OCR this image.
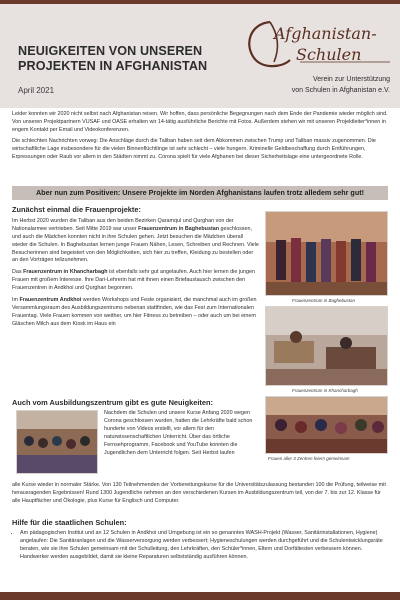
NEUIGKEITEN VON UNSEREN
PROJEKTEN IN AFGHANISTAN
April 2021
Afghanistan-
Schulen
Verein zur Unterstützung
von Schulen in Afghanistan e.V.

Leider konnten wir 2020 nicht selbst nach Afghanistan reisen. Wir hoffen, dass persönliche Begegnungen nach dem Ende der Pandemie wieder möglich sind. Von unseren Projektpartnern VUSAF und OASE erhalten wir 14-tätig ausführliche Berichte mit Fotos. Außerdem stehen wir mit unseren Projektleiter*innen in engem Kontakt per Email und Videokonferenzen.

Die schlechten Nachrichten vorweg: Die Anschläge durch die Taliban haben seit dem Abkommen zwischen Trump und Taliban massiv zugenommen. Die wirtschaftliche Lage insbesondere für die vielen Binnenflüchtlinge ist sehr schlecht – viele hungern. Kriminelle Geldbeschaffung durch Entführungen, Erpressungen oder Raub vor allem in den Städten nimmt zu. Corona spielt für viele Afghanen bei dieser Sicherheitslage eine untergeordnete Rolle.

Aber nun zum Positiven: Unsere Projekte im Norden Afghanistans laufen trotz alledem sehr gut!
Zunächst einmal die Frauenprojekte:

Im Herbst 2020 wurden die Taliban aus den beiden Bezirken Qaramqul und Qurghan von der Nationalarmee vertrieben. Seit Mitte 2019 war unser Frauenzentrum in Baghebustan geschlossen, und auch die Mädchen konnten nicht in ihre Schulen gehen. Jetzt besuchen die Mädchen überall wieder die Schulen. In Baghebustan lernen junge Frauen Nähen, Lesen, Schreiben und Rechnen. Viele Besucherinnen sind begeistert von den Möglichkeiten, sich hier zu treffen, Kleidung zu bestellen oder an den Vorträgen teilzunehmen.

Das Frauenzentrum in Khancharbagh ist ebenfalls sehr gut angelaufen. Auch hier lernen die jungen Frauen mit großem Interesse. Ihre Dari-Lehrerin hat mit ihnen einen Briefaustausch zwischen den Frauenzentren in Andkhoi und Qurghan begonnen.

Im Frauenzentrum Andkhoi werden Workshops und Feste organisiert, die manchmal auch im großen Versammlungsraum des Ausbildungszentrums nebenan stattfinden, wie das Fest zum Internationalen Frauentag. Viele Frauen kommen von weither, um hier Fitness zu betreiben – oder auch um bei einem Gläschen Milch aus dem Kiosk im Haus ein

Frauenzentrum in Baghebustan
Frauenzentrum in Khancharbagh
Frauen aller 3 Zentren feiern gemeinsam
Auch vom Ausbildungszentrum gibt es gute Neuigkeiten:
Nachdem die Schulen und unsere Kurse Anfang 2020 wegen Corona geschlossen wurden, hatten die Lehrkräfte bald schon hunderte von Videos erstellt, vor allem für den naturwissenschaftlichen Unterricht. Über das örtliche Fernsehprogramm, Facebook und YouTube konnten die Jugendlichen dem Unterricht folgen. Seit Herbst laufen
alle Kurse wieder in normaler Stärke. Von 130 Teilnehmenden der Vorbereitungskurse für die Universitätszulassung bestanden 100 die Prüfung, teilweise mit herausragenden Ergebnissen! Rund 1300 Jugendliche nehmen an den verschiedenen Kursen im Ausbildungszentrum teil, von der 7. bis zur 12. Klasse für alle Hauptfächer und Ökologie, plus Kurse für Englisch und Computer.
Hilfe für die staatlichen Schulen:
• Am pädagogischen Institut und an 12 Schulen in Andkhoi und Umgebung ist ein so genanntes WASH-Projekt (Wasser, Sanitärinstallationen, Hygiene) angelaufen: Die Sanitäranlagen und die Wasserversorgung werden verbessert; Hygieneschulungen werden durchgeführt und die Schulentwicklungsräte beraten, wie sie ihre Schulen gemeinsam mit der Schulleitung, den Lehrkräften, den Schüler*innen, Eltern und Dorfältesten verbessern können. Handwerker werden ausgebildet, damit sie kleine Reparaturen selbstständig ausführen können.
